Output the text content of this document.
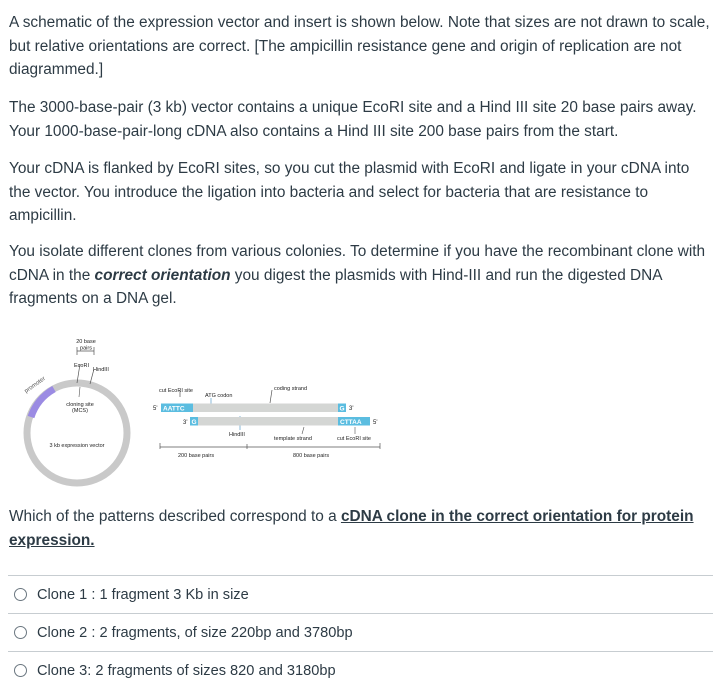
A schematic of the expression vector and insert is shown below. Note that sizes are not drawn to scale, but relative orientations are correct. [The ampicillin resistance gene and origin of replication are not diagrammed.]

The 3000-base-pair (3 kb) vector contains a unique EcoRI site and a Hind III site 20 base pairs away. Your 1000-base-pair-long cDNA also contains a Hind III site 200 base pairs from the start.

Your cDNA is flanked by EcoRI sites, so you cut the plasmid with EcoRI and ligate in your cDNA into the vector. You introduce the ligation into bacteria and select for bacteria that are resistance to ampicillin.

You isolate different clones from various colonies. To determine if you have the recombinant clone with cDNA in the correct orientation you digest the plasmids with Hind-III and run the digested DNA fragments on a DNA gel.

20 base
pairs
EcoRI
HindIII
promoter
cloning site
(MCS)
3 kb expression vector
cut EcoRI site
ATG codon
coding strand
5' AATTC	G 3'
3' G	CTTAA 5'
HindIII
template strand	cut EcoRI site
200 base pairs	800 base pairs

Which of the patterns described correspond to a cDNA clone in the correct orientation for protein expression.

Clone 1 : 1 fragment 3 Kb in size
Clone 2 : 2 fragments, of size 220bp and 3780bp
Clone 3: 2 fragments of sizes 820 and 3180bp
